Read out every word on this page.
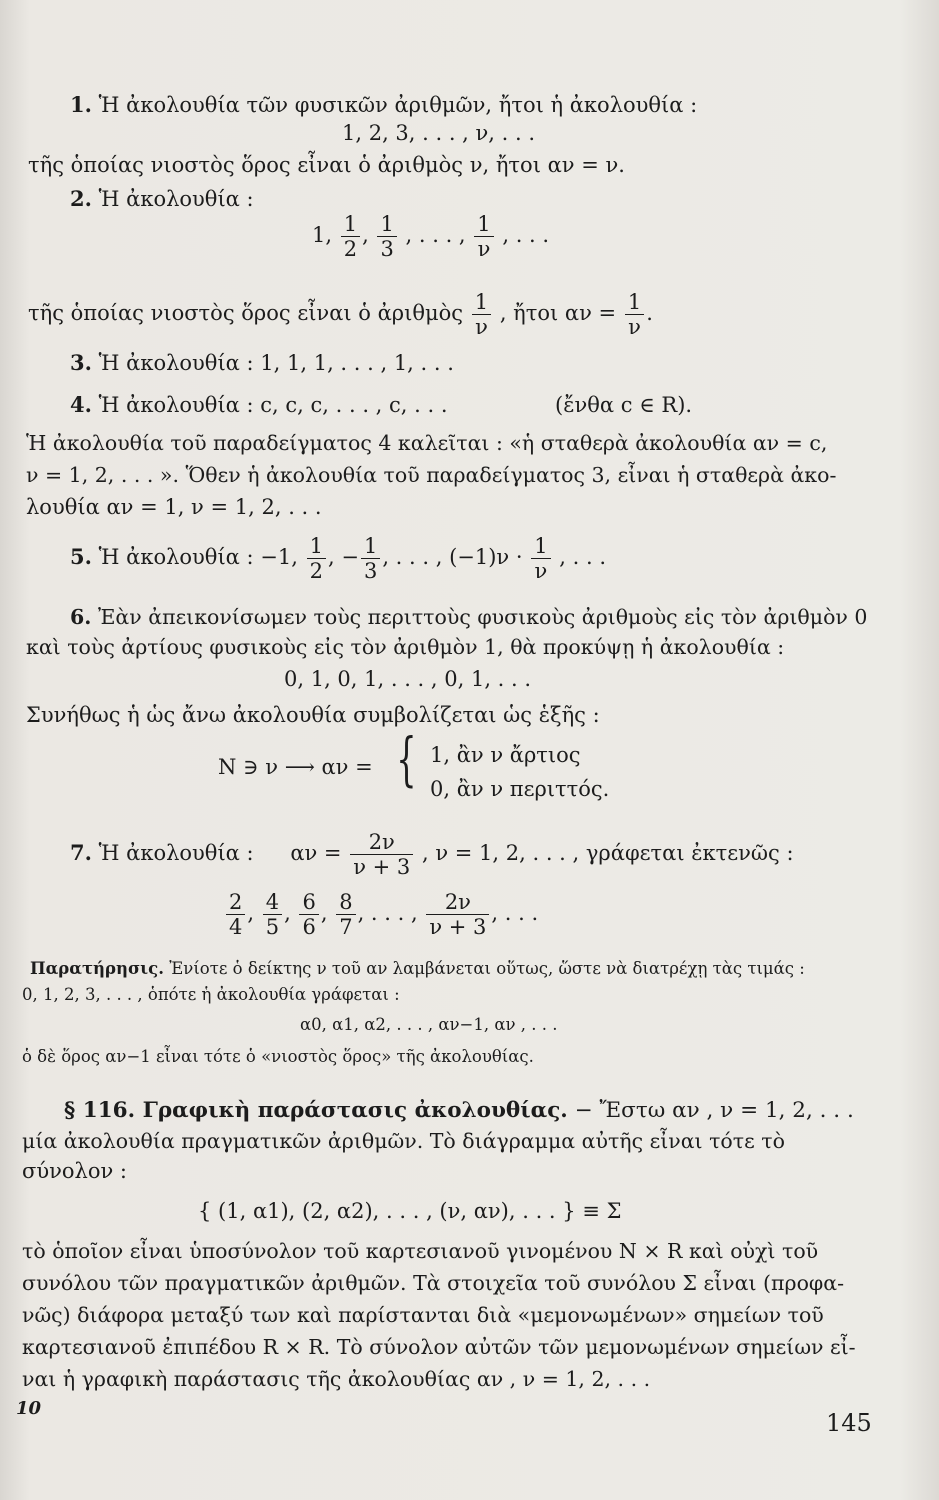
1. Ἡ ἀκολουθία τῶν φυσικῶν ἀριθμῶν, ἤτοι ἡ ἀκολουθία :
1, 2, 3, . . . , ν, . . .
τῆς ὁποίας νιοστὸς ὅρος εἶναι ὁ ἀριθμὸς ν, ἤτοι αν = ν.
2. Ἡ ἀκολουθία :
1, $\frac{1}{2}$ , $\frac{1}{3}$ , . . . , $\frac{1}{\nu}$ , . . .
τῆς ὁποίας νιοστὸς ὅρος εἶναι ὁ ἀριθμὸς $\frac{1}{\nu}$ , ἤτοι $\alpha\nu = \frac{1}{\nu}$ .
3. Ἡ ἀκολουθία : 1, 1, 1, . . . , 1, . . .
4. Ἡ ἀκολουθία : c, c, c, . . . , c, . . .	(ἔνθα c ∈ R).
Ἡ ἀκολουθία τοῦ παραδείγματος 4 καλεῖται : «ἡ σταθερὰ ἀκολουθία αν = c,
ν = 1, 2, . . . ». Ὅθεν ἡ ἀκολουθία τοῦ παραδείγματος 3, εἶναι ἡ σταθερὰ ἀκο-
λουθία αν = 1, ν = 1, 2, . . .
5. Ἡ ἀκολουθία : −1, $\frac{1}{2}$ , − $\frac{1}{3}$ , . . . , $(-1)\nu \cdot \frac{1}{\nu}$ , . . .
6. Ἐὰν ἀπεικονίσωμεν τοὺς περιττοὺς φυσικοὺς ἀριθμοὺς εἰς τὸν ἀριθμὸν 0
καὶ τοὺς ἀρτίους φυσικοὺς εἰς τὸν ἀριθμὸν 1, θὰ προκύψῃ ἡ ἀκολουθία :
0, 1, 0, 1, . . . , 0, 1, . . .
Συνήθως ἡ ὡς ἄνω ἀκολουθία συμβολίζεται ὡς ἑξῆς :
N ∋ ν ⟶ αν = { 1, ἂν ν ἄρτιος
0, ἂν ν περιττός.
7. Ἡ ἀκολουθία : $\alpha\nu = \frac{2\nu}{\nu + 3}$ , ν = 1, 2, . . . , γράφεται ἐκτενῶς :
$\frac{2}{4}$ , $\frac{4}{5}$ , $\frac{6}{6}$ , $\frac{8}{7}$ , . . . , $\frac{2\nu}{\nu + 3}$ , . . .
Παρατήρησις. Ἐνίοτε ὁ δείκτης ν τοῦ αν λαμβάνεται οὕτως, ὥστε νὰ διατρέχῃ τὰς τιμάς :
0, 1, 2, 3, . . . , ὁπότε ἡ ἀκολουθία γράφεται :
α0, α1, α2, . . . , αν−1, αν , . . .
ὁ δὲ ὅρος αν−1 εἶναι τότε ὁ «νιοστὸς ὅρος» τῆς ἀκολουθίας.
§ 116. Γραφικὴ παράστασις ἀκολουθίας. − Ἔστω αν , ν = 1, 2, . . .
μία ἀκολουθία πραγματικῶν ἀριθμῶν. Τὸ διάγραμμα αὐτῆς εἶναι τότε τὸ
σύνολον :
{ (1, α1), (2, α2), . . . , (ν, αν), . . . } ≡ Σ
τὸ ὁποῖον εἶναι ὑποσύνολον τοῦ καρτεσιανοῦ γινομένου N × R καὶ οὐχὶ τοῦ
συνόλου τῶν πραγματικῶν ἀριθμῶν. Τὰ στοιχεῖα τοῦ συνόλου Σ εἶναι (προφα-
νῶς) διάφορα μεταξύ των καὶ παρίστανται διὰ «μεμονωμένων» σημείων τοῦ
καρτεσιανοῦ ἐπιπέδου R × R. Τὸ σύνολον αὐτῶν τῶν μεμονωμένων σημείων εἶ-
ναι ἡ γραφικὴ παράστασις τῆς ἀκολουθίας αν , ν = 1, 2, . . .
10
145
